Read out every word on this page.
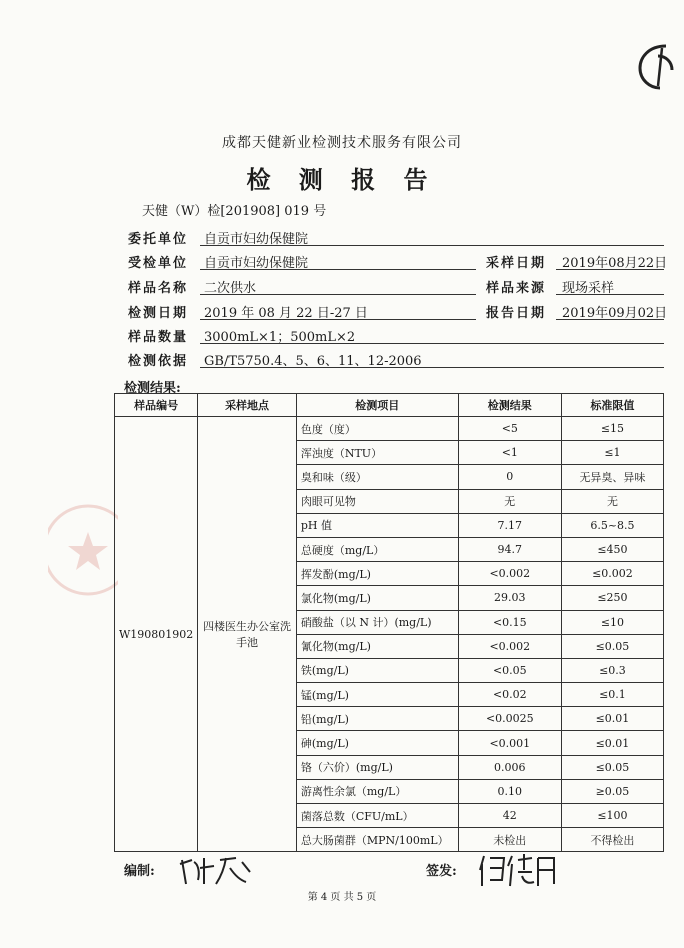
成都天健新业检测技术服务有限公司
检 测 报 告
天健（W）检[201908] 019 号
委托单位 自贡市妇幼保健院
受检单位 自贡市妇幼保健院	采样日期 2019年08月22日
样品名称 二次供水	样品来源 现场采样
检测日期 2019 年 08 月 22 日-27 日	报告日期 2019年09月02日
样品数量 3000mL×1；500mL×2
检测依据 GB/T5750.4、5、6、11、12-2006
检测结果:
样品编号	采样地点	检测项目	检测结果	标准限值
W190801902	四楼医生办公室洗手池	色度（度）	<5	≤15
		浑浊度（NTU）	<1	≤1
		臭和味（级）	0	无异臭、异味
		肉眼可见物	无	无
		pH 值	7.17	6.5~8.5
		总硬度（mg/L）	94.7	≤450
		挥发酚(mg/L)	<0.002	≤0.002
		氯化物(mg/L)	29.03	≤250
		硝酸盐（以 N 计）(mg/L)	<0.15	≤10
		氰化物(mg/L)	<0.002	≤0.05
		铁(mg/L)	<0.05	≤0.3
		锰(mg/L)	<0.02	≤0.1
		铅(mg/L)	<0.0025	≤0.01
		砷(mg/L)	<0.001	≤0.01
		铬（六价）(mg/L)	0.006	≤0.05
		游离性余氯（mg/L）	0.10	≥0.05
		菌落总数（CFU/mL）	42	≤100
		总大肠菌群（MPN/100mL）	未检出	不得检出
编制:	签发:
第 4 页 共 5 页
